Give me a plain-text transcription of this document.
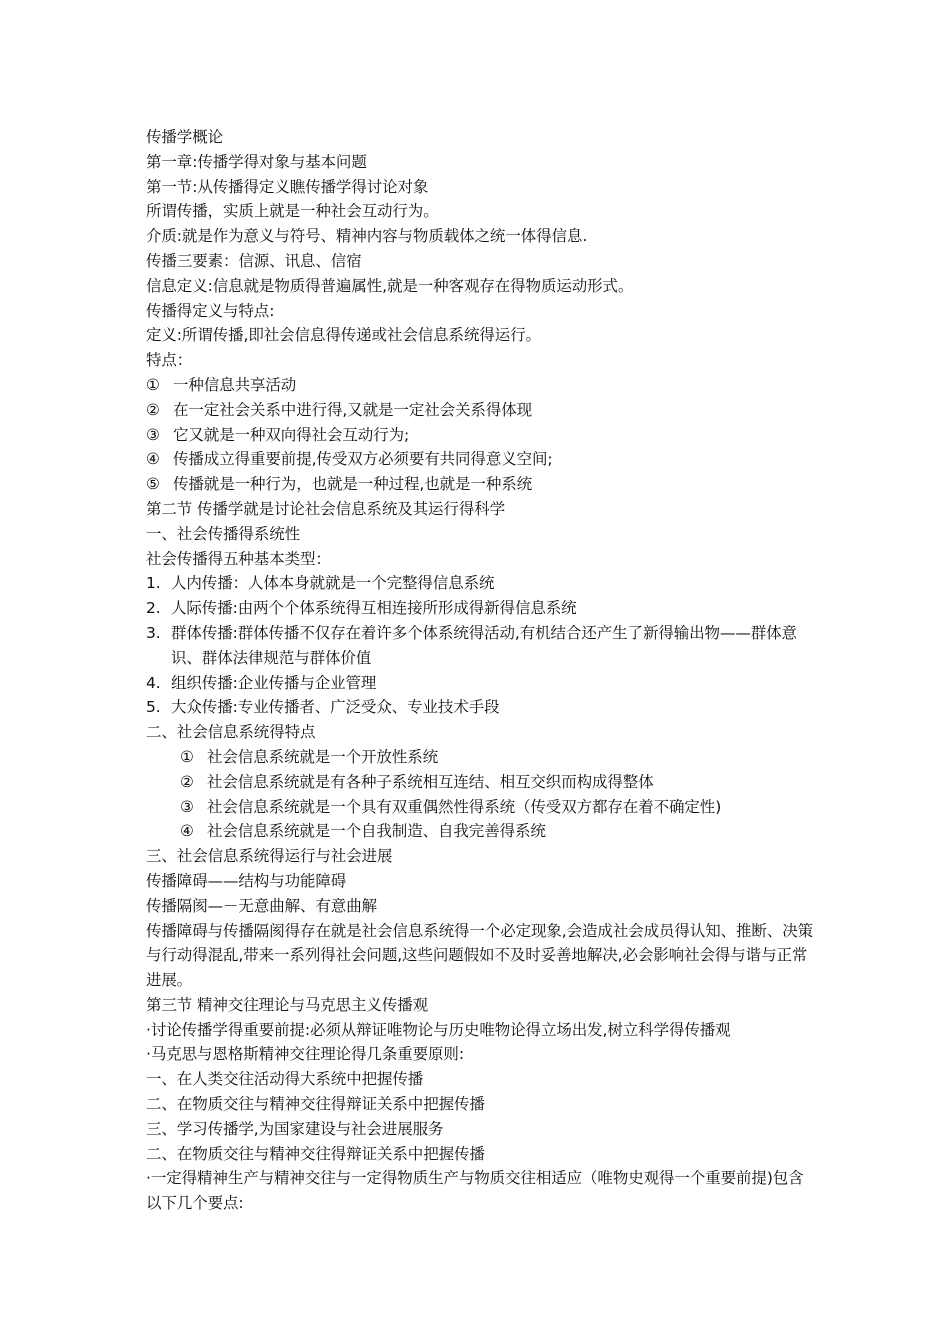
传播学概论
第一章:传播学得对象与基本问题
第一节:从传播得定义瞧传播学得讨论对象
所谓传播，实质上就是一种社会互动行为。
介质:就是作为意义与符号、精神内容与物质载体之统一体得信息.
传播三要素：信源、讯息、信宿
信息定义:信息就是物质得普遍属性,就是一种客观存在得物质运动形式。
传播得定义与特点:
定义:所谓传播,即社会信息得传递或社会信息系统得运行。
特点：
① 一种信息共享活动
② 在一定社会关系中进行得,又就是一定社会关系得体现
③ 它又就是一种双向得社会互动行为;
④ 传播成立得重要前提,传受双方必须要有共同得意义空间;
⑤ 传播就是一种行为，也就是一种过程,也就是一种系统
第二节 传播学就是讨论社会信息系统及其运行得科学
一、社会传播得系统性
社会传播得五种基本类型：
1. 人内传播：人体本身就就是一个完整得信息系统
2. 人际传播:由两个个体系统得互相连接所形成得新得信息系统
3. 群体传播:群体传播不仅存在着许多个体系统得活动,有机结合还产生了新得输出物——群体意识、群体法律规范与群体价值
4. 组织传播:企业传播与企业管理
5. 大众传播:专业传播者、广泛受众、专业技术手段
二、社会信息系统得特点
① 社会信息系统就是一个开放性系统
② 社会信息系统就是有各种子系统相互连结、相互交织而构成得整体
③ 社会信息系统就是一个具有双重偶然性得系统（传受双方都存在着不确定性)
④ 社会信息系统就是一个自我制造、自我完善得系统
三、社会信息系统得运行与社会进展
传播障碍——结构与功能障碍
传播隔阂—－无意曲解、有意曲解
传播障碍与传播隔阂得存在就是社会信息系统得一个必定现象,会造成社会成员得认知、推断、决策与行动得混乱,带来一系列得社会问题,这些问题假如不及时妥善地解决,必会影响社会得与谐与正常进展。
第三节 精神交往理论与马克思主义传播观
·讨论传播学得重要前提:必须从辩证唯物论与历史唯物论得立场出发,树立科学得传播观
·马克思与恩格斯精神交往理论得几条重要原则:
一、在人类交往活动得大系统中把握传播
二、在物质交往与精神交往得辩证关系中把握传播
三、学习传播学,为国家建设与社会进展服务
二、在物质交往与精神交往得辩证关系中把握传播
·一定得精神生产与精神交往与一定得物质生产与物质交往相适应（唯物史观得一个重要前提)包含以下几个要点:
